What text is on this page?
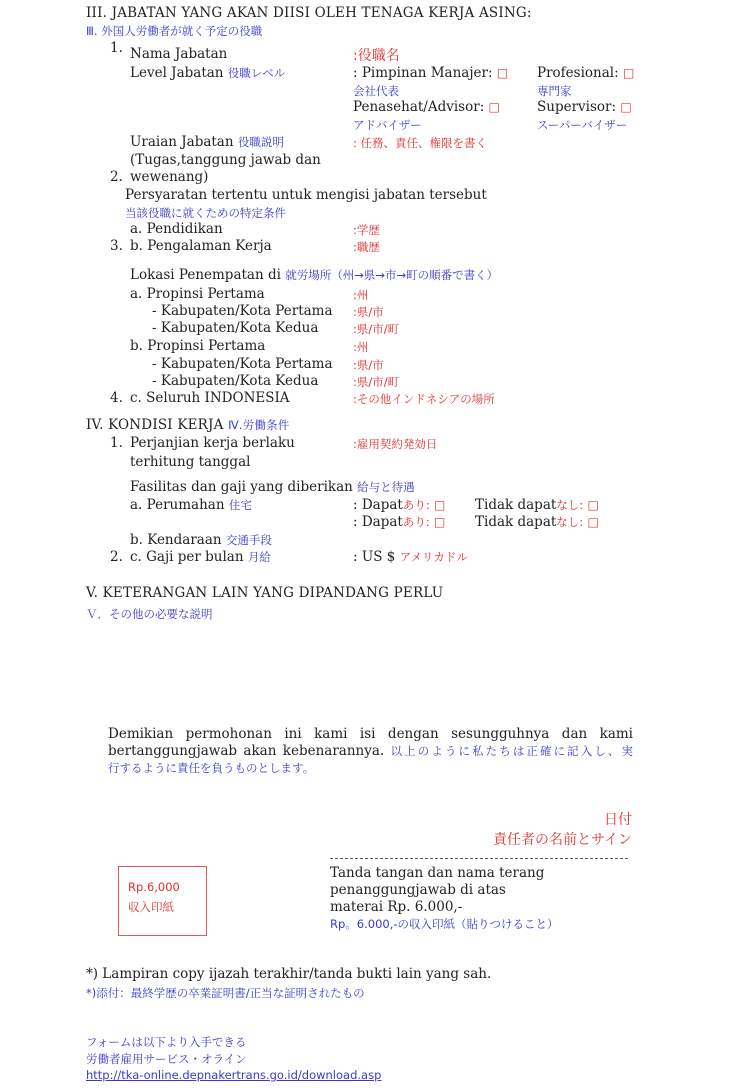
III. JABATAN YANG AKAN DIISI OLEH TENAGA KERJA ASING:
Ⅲ. 外国人労働者が就く予定の役職
1. Nama Jabatan	:役職名
Level Jabatan 役職レベル	: Pimpinan Manajer: □ Profesional: □
会社代表	専門家
Penasehat/Advisor: □	Supervisor: □
アドバイザー	スーパーバイザー
Uraian Jabatan 役職説明	: 任務、責任、権限を書く
(Tugas,tanggung jawab dan
2. wewenang)
Persyaratan tertentu untuk mengisi jabatan tersebut
当該役職に就くための特定条件
a. Pendidikan	:学歴
3. b. Pengalaman Kerja	:職歴
Lokasi Penempatan di 就労場所（州→県→市→町の順番で書く）
a. Propinsi Pertama	:州
- Kabupaten/Kota Pertama :県/市
- Kabupaten/Kota Kedua	:県/市/町
b. Propinsi Pertama	:州
- Kabupaten/Kota Pertama :県/市
- Kabupaten/Kota Kedua	:県/市/町
4. c. Seluruh INDONESIA	:その他インドネシアの場所
IV. KONDISI KERJA Ⅳ.労働条件
1. Perjanjian kerja berlaku	:雇用契約発効日
terhitung tanggal
Fasilitas dan gaji yang diberikan 給与と待遇
a. Perumahan 住宅	: Dapatあり: □ Tidak dapatなし: □
: Dapatあり: □ Tidak dapatなし: □
b. Kendaraan 交通手段
2. c. Gaji per bulan 月給	: US $ アメリカドル
V. KETERANGAN LAIN YANG DIPANDANG PERLU
Ｖ．その他の必要な説明
Demikian permohonan ini kami isi dengan sesungguhnya dan kami
bertanggungjawab akan kebenarannya. 以上のように私たちは正確に記入し、実
行するように責任を負うものとします。
日付
責任者の名前とサイン
Rp.6,000
収入印紙
Tanda tangan dan nama terang
penanggungjawab di atas
materai Rp. 6.000,-
Rp。6.000,-の収入印紙（貼りつけること）
*) Lampiran copy ijazah terakhir/tanda bukti lain yang sah.
*)添付：最終学歴の卒業証明書/正当な証明されたもの
フォームは以下より入手できる
労働者雇用サービス・オライン
http://tka-online.depnakertrans.go.id/download.asp
